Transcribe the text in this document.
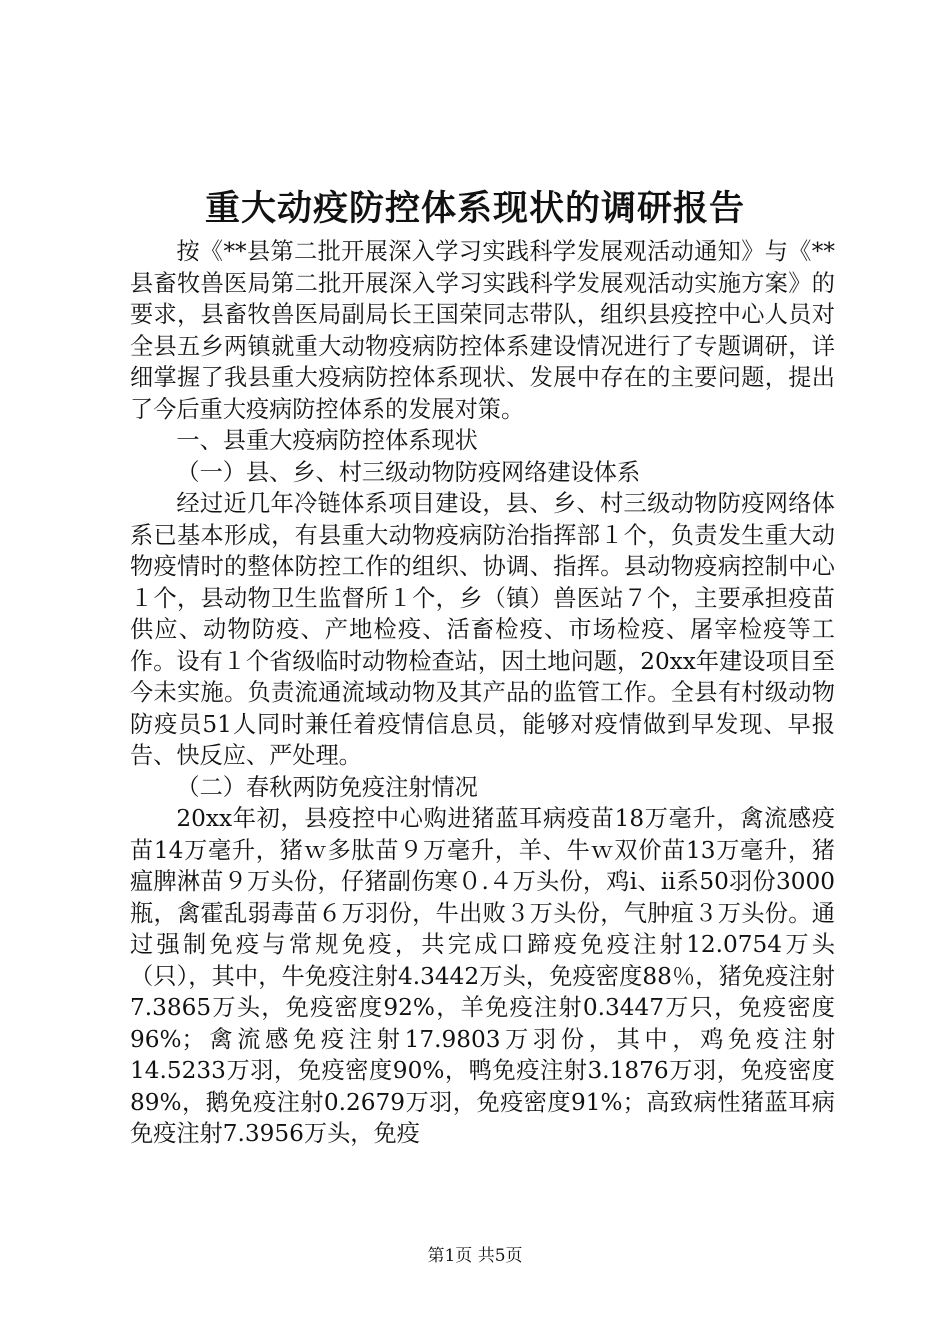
重大动疫防控体系现状的调研报告

按《**县第二批开展深入学习实践科学发展观活动通知》与《**县畜牧兽医局第二批开展深入学习实践科学发展观活动实施方案》的要求，县畜牧兽医局副局长王国荣同志带队，组织县疫控中心人员对全县五乡两镇就重大动物疫病防控体系建设情况进行了专题调研，详细掌握了我县重大疫病防控体系现状、发展中存在的主要问题，提出了今后重大疫病防控体系的发展对策。

一、县重大疫病防控体系现状

（一）县、乡、村三级动物防疫网络建设体系

经过近几年冷链体系项目建设，县、乡、村三级动物防疫网络体系已基本形成，有县重大动物疫病防治指挥部１个，负责发生重大动物疫情时的整体防控工作的组织、协调、指挥。县动物疫病控制中心１个，县动物卫生监督所１个，乡（镇）兽医站７个，主要承担疫苗供应、动物防疫、产地检疫、活畜检疫、市场检疫、屠宰检疫等工作。设有１个省级临时动物检查站，因土地问题，20xx年建设项目至今未实施。负责流通流域动物及其产品的监管工作。全县有村级动物防疫员51人同时兼任着疫情信息员，能够对疫情做到早发现、早报告、快反应、严处理。

（二）春秋两防免疫注射情况

20xx年初，县疫控中心购进猪蓝耳病疫苗18万毫升，禽流感疫苗14万毫升，猪ｗ多肽苗９万毫升，羊、牛ｗ双价苗13万毫升，猪瘟脾淋苗９万头份，仔猪副伤寒０.４万头份，鸡ⅰ、ⅱ系50羽份3000瓶，禽霍乱弱毒苗６万羽份，牛出败３万头份，气肿疽３万头份。通过强制免疫与常规免疫，共完成口蹄疫免疫注射12.0754万头（只），其中，牛免疫注射4.3442万头，免疫密度88％，猪免疫注射7.3865万头，免疫密度92%，羊免疫注射0.3447万只，免疫密度96%；禽流感免疫注射17.9803万羽份，其中，鸡免疫注射14.5233万羽，免疫密度90%，鸭免疫注射3.1876万羽，免疫密度89%，鹅免疫注射0.2679万羽，免疫密度91%；高致病性猪蓝耳病免疫注射7.3956万头，免疫

第1页 共5页
